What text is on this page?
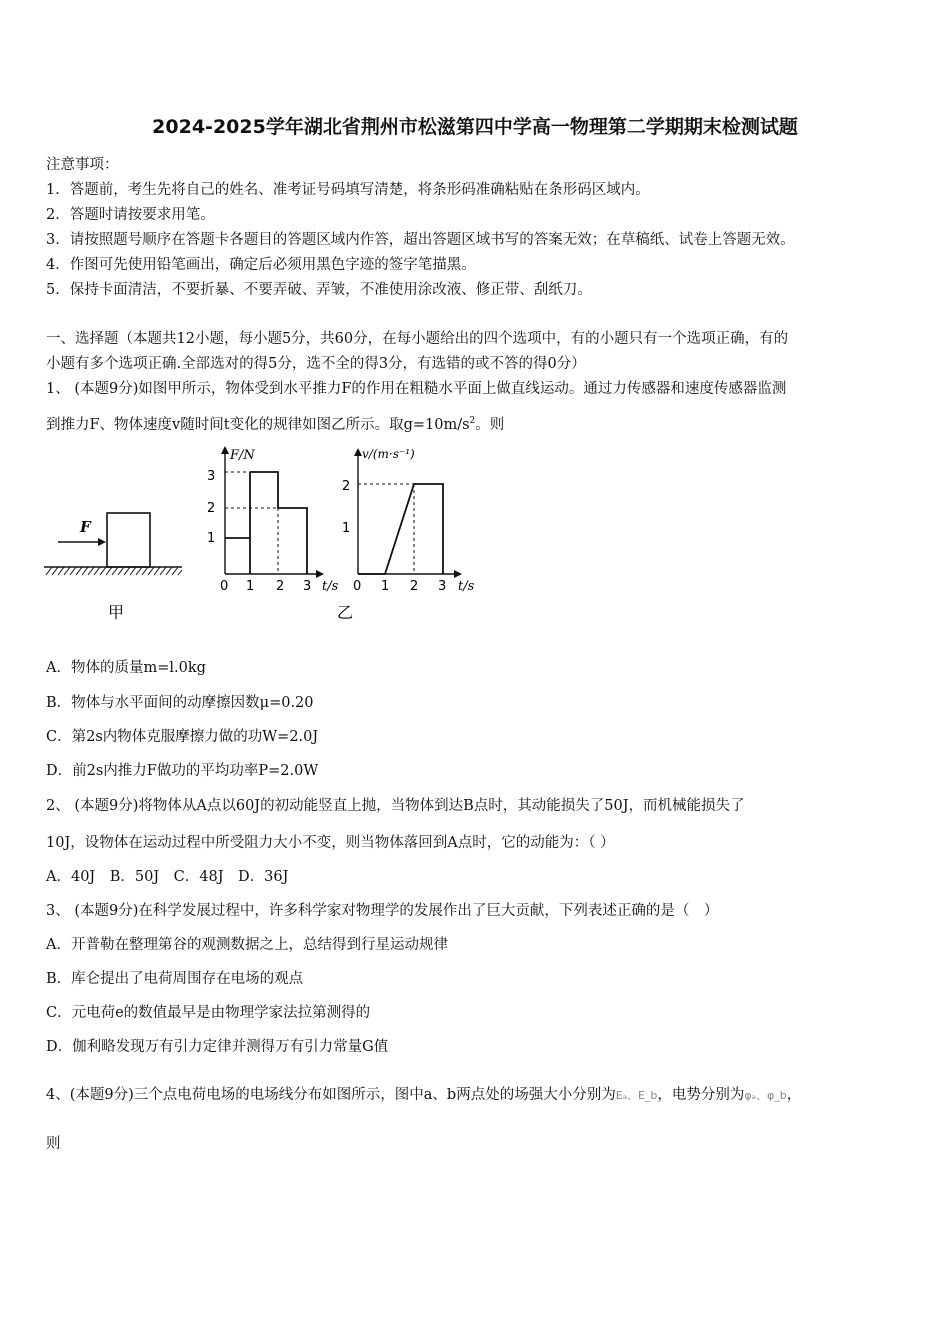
2024-2025学年湖北省荆州市松滋第四中学高一物理第二学期期末检测试题
注意事项：
1．答题前，考生先将自己的姓名、准考证号码填写清楚，将条形码准确粘贴在条形码区域内。
2．答题时请按要求用笔。
3．请按照题号顺序在答题卡各题目的答题区域内作答，超出答题区域书写的答案无效；在草稿纸、试卷上答题无效。
4．作图可先使用铅笔画出，确定后必须用黑色字迹的签字笔描黑。
5．保持卡面清洁，不要折暴、不要弄破、弄皱，不准使用涂改液、修正带、刮纸刀。
一、选择题（本题共12小题，每小题5分，共60分，在每小题给出的四个选项中，有的小题只有一个选项正确，有的
小题有多个选项正确.全部选对的得5分，选不全的得3分，有选错的或不答的得0分）
1、 (本题9分)如图甲所示，物体受到水平推力F的作用在粗糙水平面上做直线运动。通过力传感器和速度传感器监测
到推力F、物体速度v随时间t变化的规律如图乙所示。取$g=10m/s^2$。则
F
甲
F/N
t/s
1
2
3
0 1 2 3
v/(m·s⁻¹)
t/s
1
2
0 1 2 3
乙
A．物体的质量m=l.0kg
B．物体与水平面间的动摩擦因数μ=0.20
C．第2s内物体克服摩擦力做的功W=2.0J
D．前2s内推力F做功的平均功率P=2.0W
2、 (本题9分)将物体从A点以60J的初动能竖直上抛，当物体到达B点时，其动能损失了50J，而机械能损失了
10J，设物体在运动过程中所受阻力大小不变，则当物体落回到A点时，它的动能为：（ ）
A．40J　B．50J　C．48J　D．36J
3、 (本题9分)在科学发展过程中，许多科学家对物理学的发展作出了巨大贡献，下列表述正确的是（　）
A．开普勒在整理第谷的观测数据之上，总结得到行星运动规律
B．库仑提出了电荷周围存在电场的观点
C．元电荷e的数值最早是由物理学家法拉第测得的
D．伽利略发现万有引力定律并测得万有引力常量G值
4、(本题9分)三个点电荷电场的电场线分布如图所示，图中a、b两点处的场强大小分别为Eₐ、E_b，电势分别为φₐ、φ_b，
则
